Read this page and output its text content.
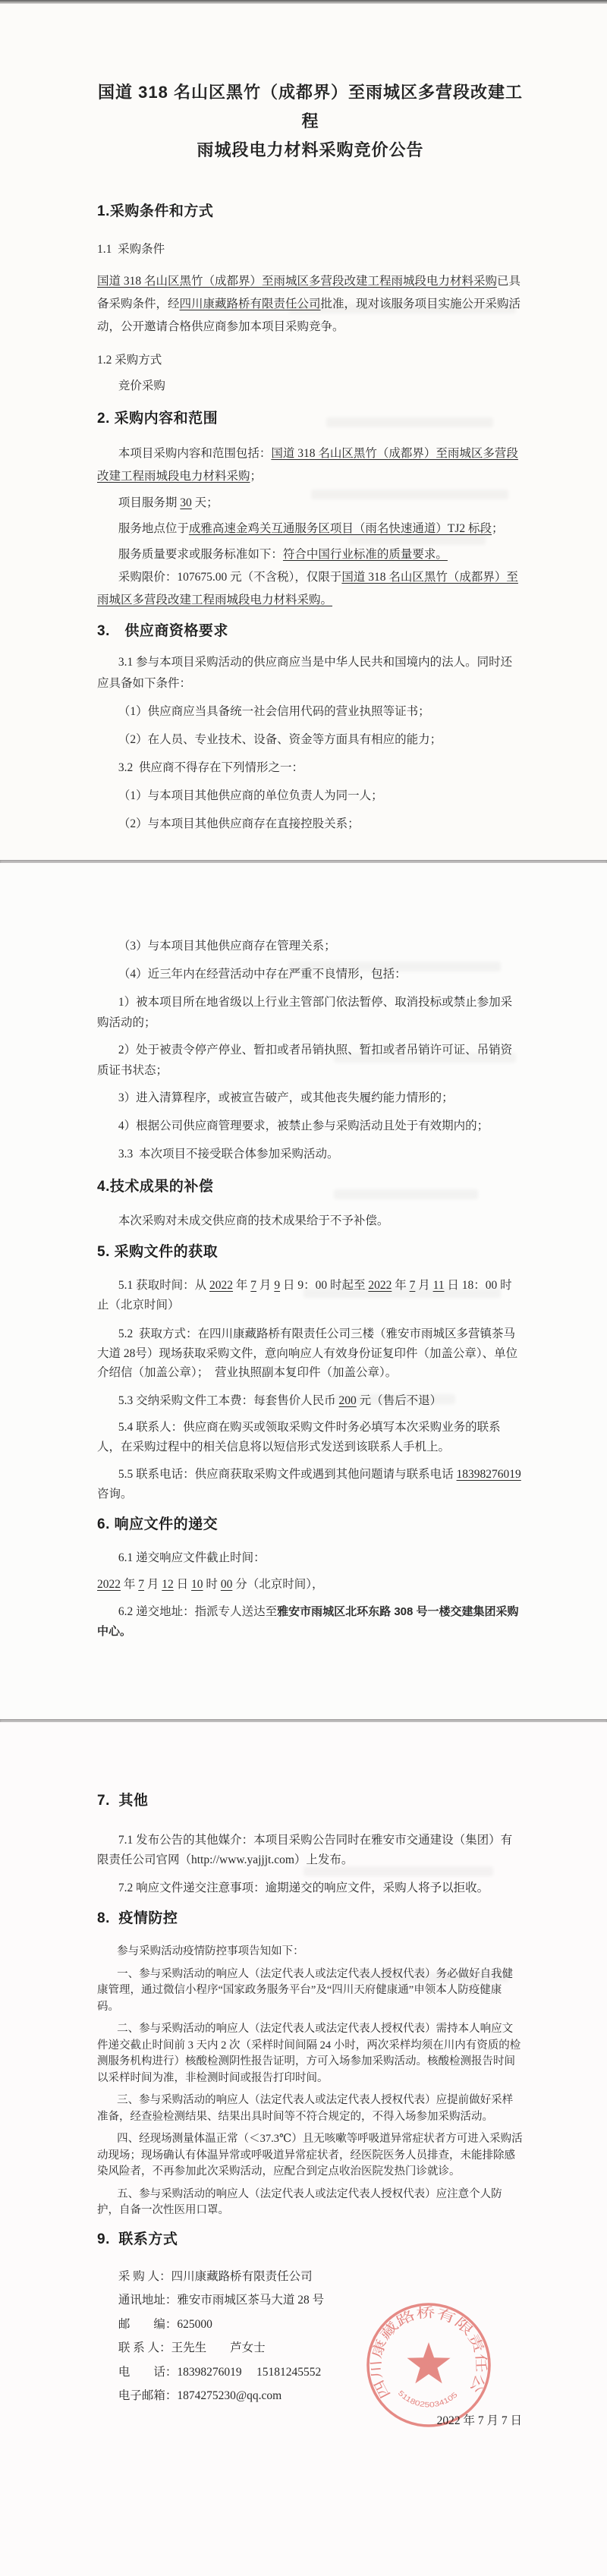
国道 318 名山区黑竹（成都界）至雨城区多营段改建工程
雨城段电力材料采购竞价公告
1.采购条件和方式
1.1  采购条件
国道 318 名山区黑竹（成都界）至雨城区多营段改建工程雨城段电力材料采购已具备采购条件，经四川康藏路桥有限责任公司批准，现对该服务项目实施公开采购活动，公开邀请合格供应商参加本项目采购竞争。
1.2 采购方式
竞价采购
2. 采购内容和范围
本项目采购内容和范围包括：国道 318 名山区黑竹（成都界）至雨城区多营段改建工程雨城段电力材料采购；
项目服务期 30 天；
服务地点位于成雅高速金鸡关互通服务区项目（雨名快速通道）TJ2 标段；
服务质量要求或服务标准如下：符合中国行业标准的质量要求。
采购限价：107675.00 元（不含税），仅限于国道 318 名山区黑竹（成都界）至雨城区多营段改建工程雨城段电力材料采购。
3.　供应商资格要求
3.1 参与本项目采购活动的供应商应当是中华人民共和国境内的法人。同时还应具备如下条件：
（1）供应商应当具备统一社会信用代码的营业执照等证书；
（2）在人员、专业技术、设备、资金等方面具有相应的能力；
3.2  供应商不得存在下列情形之一：
（1）与本项目其他供应商的单位负责人为同一人；
（2）与本项目其他供应商存在直接控股关系；
（3）与本项目其他供应商存在管理关系；
（4）近三年内在经营活动中存在严重不良情形，包括：
1）被本项目所在地省级以上行业主管部门依法暂停、取消投标或禁止参加采购活动的；
2）处于被责令停产停业、暂扣或者吊销执照、暂扣或者吊销许可证、吊销资质证书状态；
3）进入清算程序，或被宣告破产，或其他丧失履约能力情形的；
4）根据公司供应商管理要求，被禁止参与采购活动且处于有效期内的；
3.3  本次项目不接受联合体参加采购活动。
4.技术成果的补偿
本次采购对未成交供应商的技术成果给于不予补偿。
5. 采购文件的获取
5.1 获取时间：从 2022 年 7 月 9 日 9：00 时起至 2022 年 7 月 11 日 18：00 时止（北京时间）
5.2  获取方式：在四川康藏路桥有限责任公司三楼（雅安市雨城区多营镇茶马大道 28号）现场获取采购文件，意向响应人有效身份证复印件（加盖公章）、单位介绍信（加盖公章）；  营业执照副本复印件（加盖公章）。
5.3 交纳采购文件工本费：每套售价人民币 200 元（售后不退）
5.4 联系人：供应商在购买或领取采购文件时务必填写本次采购业务的联系人，在采购过程中的相关信息将以短信形式发送到该联系人手机上。
5.5 联系电话：供应商获取采购文件或遇到其他问题请与联系电话 18398276019 咨询。
6. 响应文件的递交
6.1 递交响应文件截止时间：
2022 年 7 月 12 日 10 时 00 分（北京时间），
6.2 递交地址：指派专人送达至雅安市雨城区北环东路 308 号一楼交建集团采购中心。
7.  其他
7.1 发布公告的其他媒介：本项目采购公告同时在雅安市交通建设（集团）有限责任公司官网（http://www.yajjjt.com）上发布。
7.2 响应文件递交注意事项：逾期递交的响应文件，采购人将予以拒收。
8.  疫情防控
参与采购活动疫情防控事项告知如下：
一、参与采购活动的响应人（法定代表人或法定代表人授权代表）务必做好自我健康管理，通过微信小程序“国家政务服务平台”及“四川天府健康通”申领本人防疫健康码。
二、参与采购活动的响应人（法定代表人或法定代表人授权代表）需持本人响应文件递交截止时间前 3 天内 2 次（采样时间间隔 24 小时，两次采样均须在川内有资质的检测服务机构进行）核酸检测阴性报告证明，方可入场参加采购活动。核酸检测报告时间以采样时间为准，非检测时间或报告打印时间。
三、参与采购活动的响应人（法定代表人或法定代表人授权代表）应提前做好采样准备，经查验检测结果、结果出具时间等不符合规定的，不得入场参加采购活动。
四、经现场测量体温正常（＜37.3℃）且无咳嗽等呼吸道异常症状者方可进入采购活动现场；现场确认有体温异常或呼吸道异常症状者，经医院医务人员排查，未能排除感染风险者，不再参加此次采购活动，应配合到定点收治医院发热门诊就诊。
五、参与采购活动的响应人（法定代表人或法定代表人授权代表）应注意个人防护，自备一次性医用口罩。
9.  联系方式
采 购 人：四川康藏路桥有限责任公司
通讯地址：雅安市雨城区茶马大道 28 号
邮　　编：625000
联 系 人：王先生　　芦女士
电　　话：18398276019　 15181245552
电子邮箱：1874275230@qq.com
2022 年 7 月 7 日
四川康藏路桥有限责任公司
5118025034105
